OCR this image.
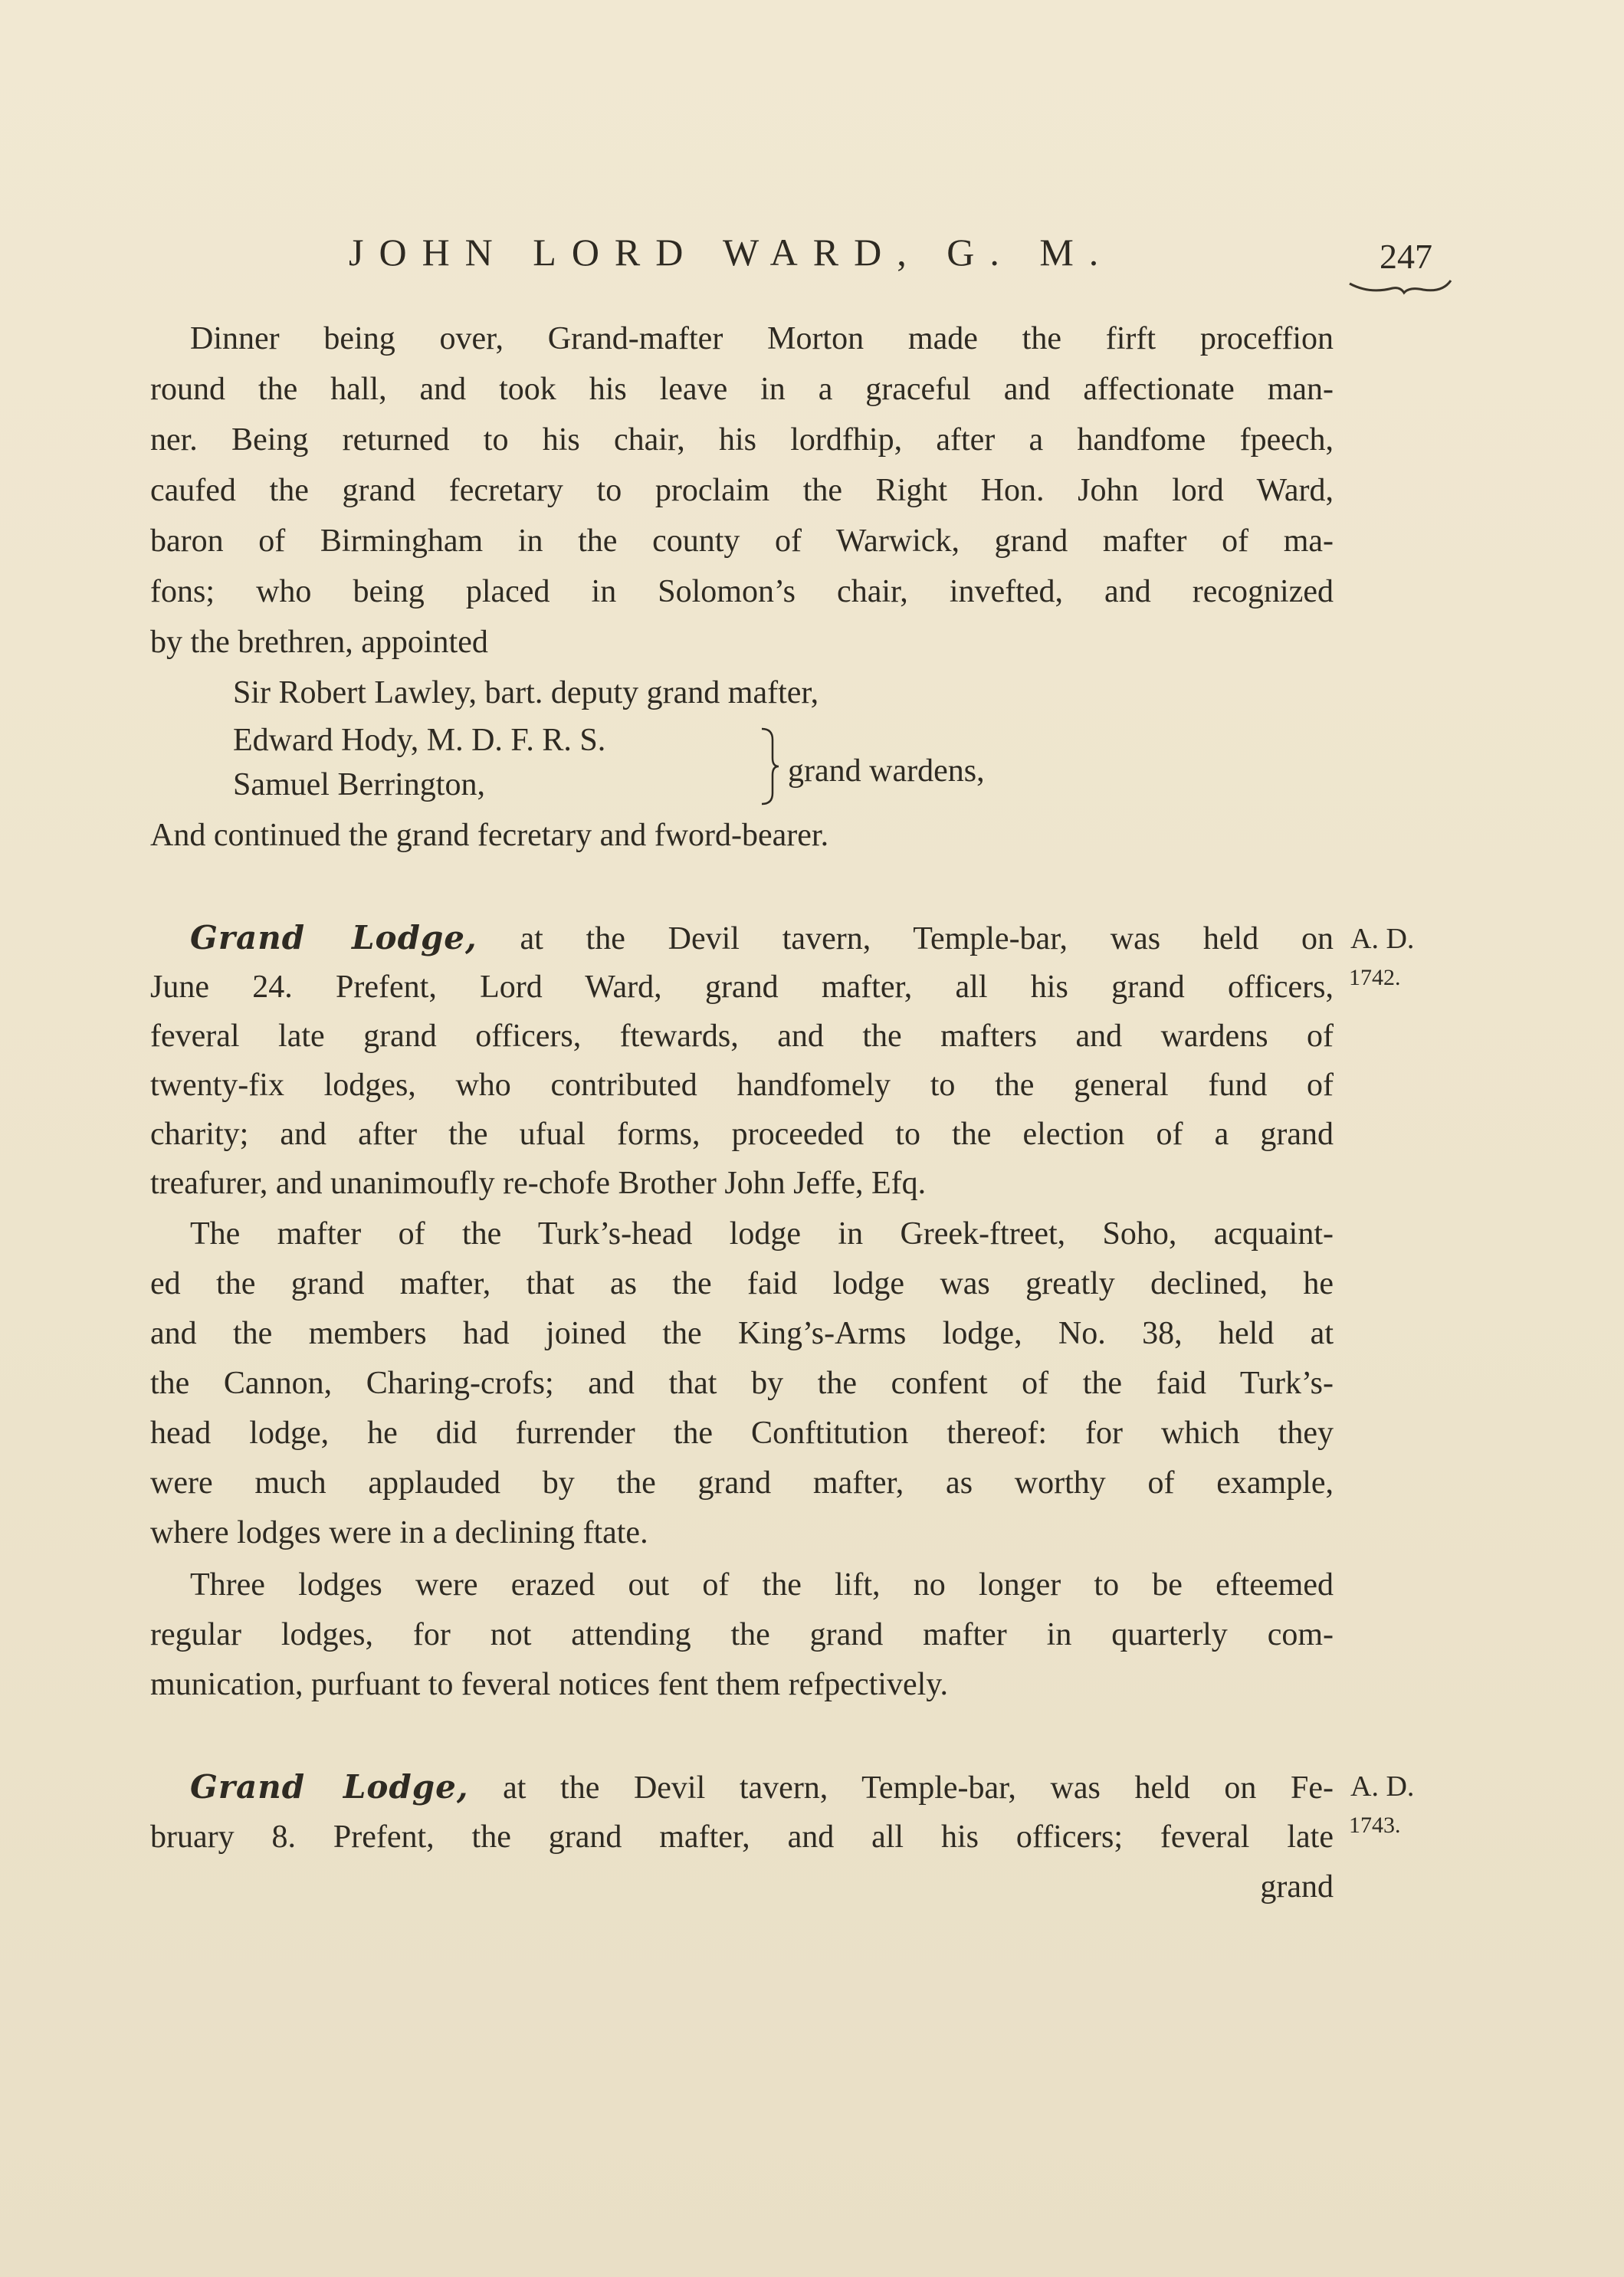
JOHN LORD WARD, G. M.	247
Dinner being over, Grand-mafter Morton made the firft proceffion
round the hall, and took his leave in a graceful and affectionate man-
ner. Being returned to his chair, his lordfhip, after a handfome fpeech,
caufed the grand fecretary to proclaim the Right Hon. John lord Ward,
baron of Birmingham in the county of Warwick, grand mafter of ma-
fons; who being placed in Solomon’s chair, invefted, and recognized
by the brethren, appointed
Sir Robert Lawley, bart. deputy grand mafter,
Edward Hody, M. D. F. R. S.
Samuel Berrington,	grand wardens,
And continued the grand fecretary and fword-bearer.
Grand Lodge, at the Devil tavern, Temple-bar, was held on
June 24. Prefent, Lord Ward, grand mafter, all his grand officers,
feveral late grand officers, ftewards, and the mafters and wardens of
twenty-fix lodges, who contributed handfomely to the general fund of
charity; and after the ufual forms, proceeded to the election of a grand
treafurer, and unanimoufly re-chofe Brother John Jeffe, Efq.
A. D.
1742.
The mafter of the Turk’s-head lodge in Greek-ftreet, Soho, acquaint-
ed the grand mafter, that as the faid lodge was greatly declined, he
and the members had joined the King’s-Arms lodge, No. 38, held at
the Cannon, Charing-crofs; and that by the confent of the faid Turk’s-
head lodge, he did furrender the Conftitution thereof: for which they
were much applauded by the grand mafter, as worthy of example,
where lodges were in a declining ftate.
Three lodges were erazed out of the lift, no longer to be efteemed
regular lodges, for not attending the grand mafter in quarterly com-
munication, purfuant to feveral notices fent them refpectively.
Grand Lodge, at the Devil tavern, Temple-bar, was held on Fe-
bruary 8. Prefent, the grand mafter, and all his officers; feveral late
grand
A. D.
1743.
